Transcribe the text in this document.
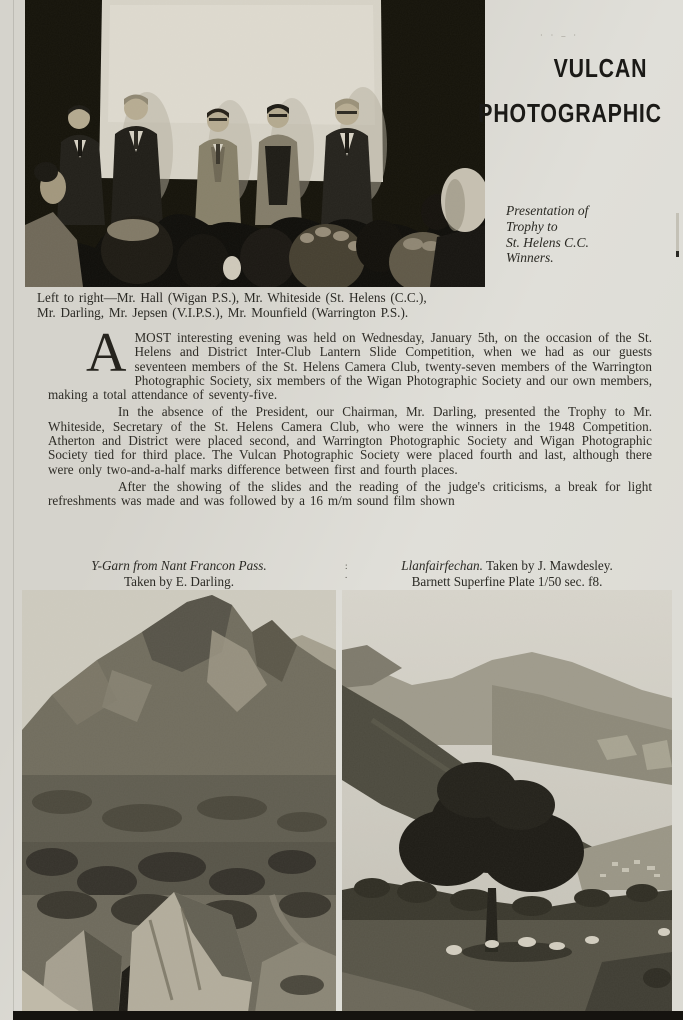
· · – ·
VULCAN
PHOTOGRAPHIC
Presentation of
Trophy to
St. Helens C.C.
Winners.
Left to right—Mr. Hall (Wigan P.S.), Mr. Whiteside (St. Helens (C.C.),
Mr. Darling, Mr. Jepsen (V.I.P.S.), Mr. Mounfield (Warrington P.S.).

AMOST interesting evening was held on Wednesday, January 5th, on the occasion of the St. Helens and District Inter-Club Lantern Slide Competition, when we had as our guests seventeen members of the St. Helens Camera Club, twenty-seven members of the Warrington Photographic Society, six members of the Wigan Photographic Society and our own members, making a total attendance of seventy-five.

In the absence of the President, our Chairman, Mr. Darling, presented the Trophy to Mr. Whiteside, Secretary of the St. Helens Camera Club, who were the winners in the 1948 Competition. Atherton and District were placed second, and Warrington Photographic Society and Wigan Photographic Society tied for third place. The Vulcan Photographic Society were placed fourth and last, although there were only two-and-a-half marks difference between first and fourth places.

After the showing of the slides and the reading of the judge's criticisms, a break for light refreshments was made and was followed by a 16 m/m sound film shown

Y-Garn from Nant Francon Pass.
Taken by E. Darling.
: .
Llanfairfechan. Taken by J. Mawdesley.
Barnett Superfine Plate 1/50 sec. f8.
